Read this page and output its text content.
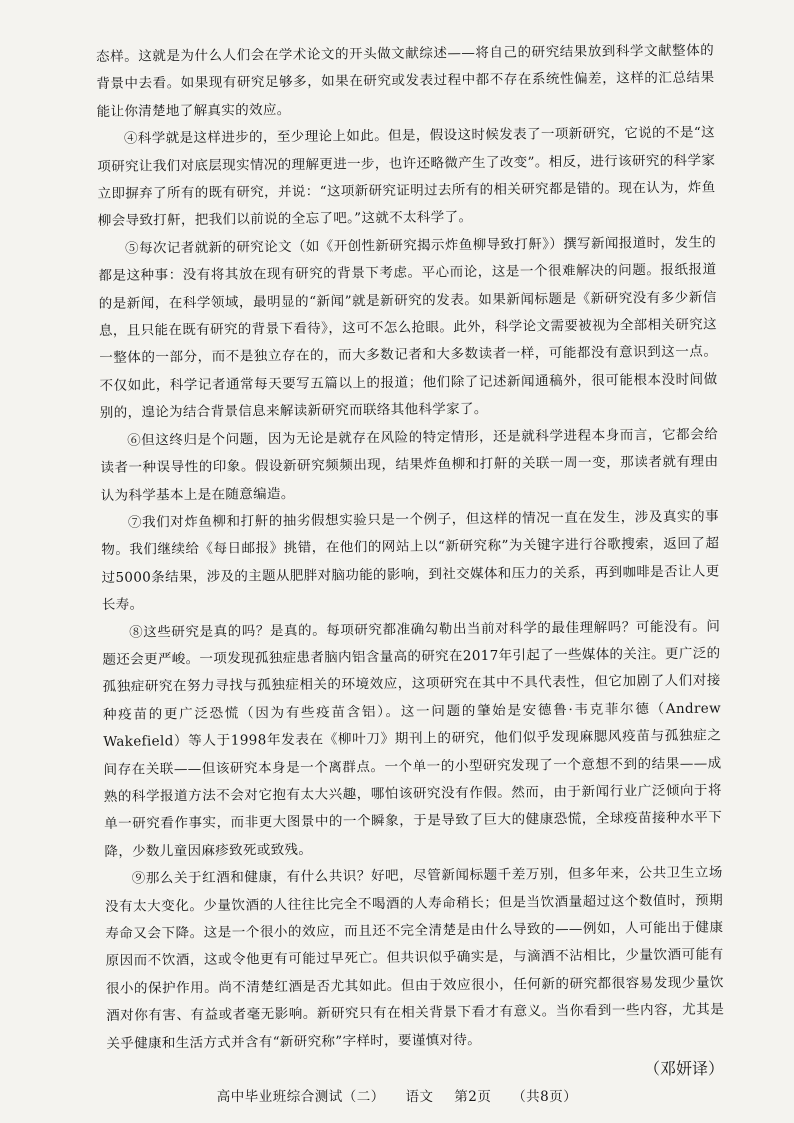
态样。这就是为什么人们会在学术论文的开头做文献综述——将自己的研究结果放到科学文献整体的背景中去看。如果现有研究足够多，如果在研究或发表过程中都不存在系统性偏差，这样的汇总结果能让你清楚地了解真实的效应。

④科学就是这样进步的，至少理论上如此。但是，假设这时候发表了一项新研究，它说的不是“这项研究让我们对底层现实情况的理解更进一步，也许还略微产生了改变”。相反，进行该研究的科学家立即摒弃了所有的既有研究，并说：“这项新研究证明过去所有的相关研究都是错的。现在认为，炸鱼柳会导致打鼾，把我们以前说的全忘了吧。”这就不太科学了。

⑤每次记者就新的研究论文（如《开创性新研究揭示炸鱼柳导致打鼾》）撰写新闻报道时，发生的都是这种事：没有将其放在现有研究的背景下考虑。平心而论，这是一个很难解决的问题。报纸报道的是新闻，在科学领域，最明显的“新闻”就是新研究的发表。如果新闻标题是《新研究没有多少新信息，且只能在既有研究的背景下看待》，这可不怎么抢眼。此外，科学论文需要被视为全部相关研究这一整体的一部分，而不是独立存在的，而大多数记者和大多数读者一样，可能都没有意识到这一点。不仅如此，科学记者通常每天要写五篇以上的报道；他们除了记述新闻通稿外，很可能根本没时间做别的，遑论为结合背景信息来解读新研究而联络其他科学家了。

⑥但这终归是个问题，因为无论是就存在风险的特定情形，还是就科学进程本身而言，它都会给读者一种误导性的印象。假设新研究频频出现，结果炸鱼柳和打鼾的关联一周一变，那读者就有理由认为科学基本上是在随意编造。

⑦我们对炸鱼柳和打鼾的抽劣假想实验只是一个例子，但这样的情况一直在发生，涉及真实的事物。我们继续给《每日邮报》挑错，在他们的网站上以“新研究称”为关键字进行谷歌搜索，返回了超过5000条结果，涉及的主题从肥胖对脑功能的影响，到社交媒体和压力的关系，再到咖啡是否让人更长寿。

⑧这些研究是真的吗？是真的。每项研究都准确勾勒出当前对科学的最佳理解吗？可能没有。问题还会更严峻。一项发现孤独症患者脑内铝含量高的研究在2017年引起了一些媒体的关注。更广泛的孤独症研究在努力寻找与孤独症相关的环境效应，这项研究在其中不具代表性，但它加剧了人们对接种疫苗的更广泛恐慌（因为有些疫苗含铝）。这一问题的肇始是安德鲁·韦克菲尔德（Andrew Wakefield）等人于1998年发表在《柳叶刀》期刊上的研究，他们似乎发现麻腮风疫苗与孤独症之间存在关联——但该研究本身是一个离群点。一个单一的小型研究发现了一个意想不到的结果——成熟的科学报道方法不会对它抱有太大兴趣，哪怕该研究没有作假。然而，由于新闻行业广泛倾向于将单一研究看作事实，而非更大图景中的一个瞬象，于是导致了巨大的健康恐慌，全球疫苗接种水平下降，少数儿童因麻疹致死或致残。

⑨那么关于红酒和健康，有什么共识？好吧，尽管新闻标题千差万别，但多年来，公共卫生立场没有太大变化。少量饮酒的人往往比完全不喝酒的人寿命稍长；但是当饮酒量超过这个数值时，预期寿命又会下降。这是一个很小的效应，而且还不完全清楚是由什么导致的——例如，人可能出于健康原因而不饮酒，这或令他更有可能过早死亡。但共识似乎确实是，与滴酒不沾相比，少量饮酒可能有很小的保护作用。尚不清楚红酒是否尤其如此。但由于效应很小，任何新的研究都很容易发现少量饮酒对你有害、有益或者毫无影响。新研究只有在相关背景下看才有意义。当你看到一些内容，尤其是关乎健康和生活方式并含有“新研究称”字样时，要谨慎对待。

（邓妍译）
高中毕业班综合测试（二） 语文 第2页 （共8页）
